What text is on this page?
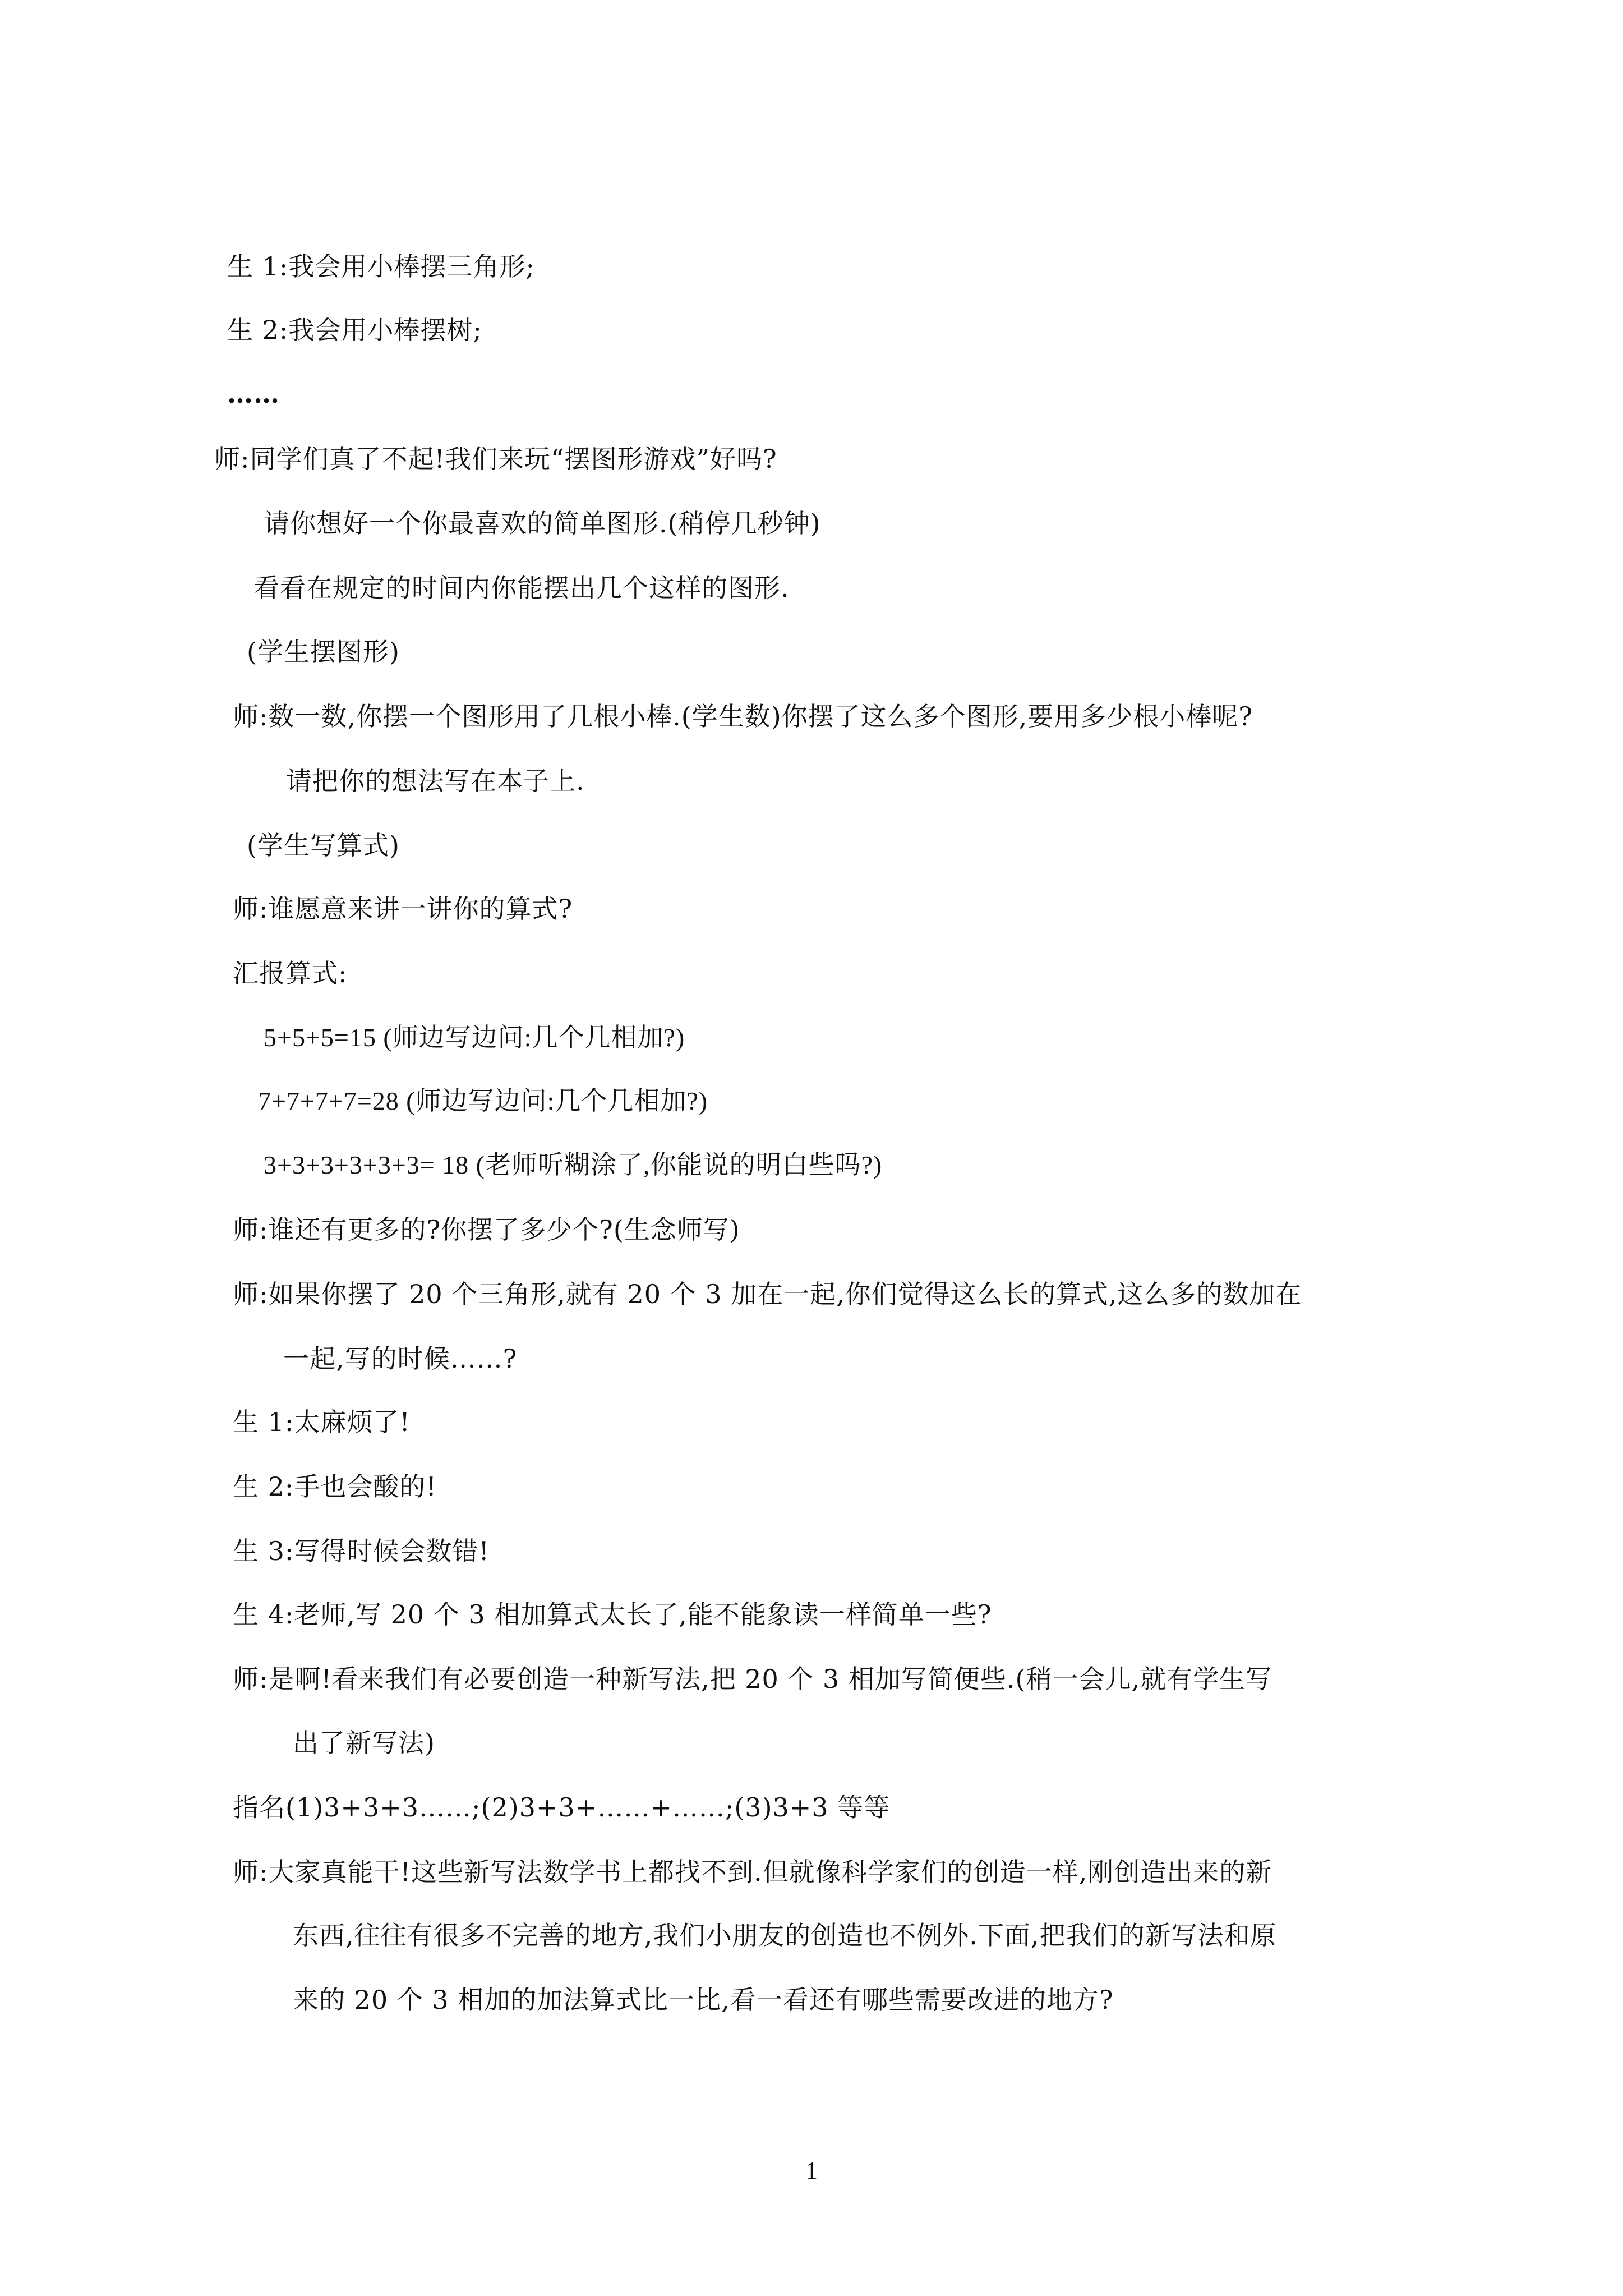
生 1:我会用小棒摆三角形;
生 2:我会用小棒摆树;
……
师:同学们真了不起!我们来玩“摆图形游戏”好吗?
请你想好一个你最喜欢的简单图形.(稍停几秒钟)
看看在规定的时间内你能摆出几个这样的图形.
(学生摆图形)
师:数一数,你摆一个图形用了几根小棒.(学生数)你摆了这么多个图形,要用多少根小棒呢?
请把你的想法写在本子上.
(学生写算式)
师:谁愿意来讲一讲你的算式?
汇报算式:
5+5+5=15 (师边写边问:几个几相加?)
7+7+7+7=28 (师边写边问:几个几相加?)
3+3+3+3+3+3= 18 (老师听糊涂了,你能说的明白些吗?)
师:谁还有更多的?你摆了多少个?(生念师写)
师:如果你摆了 20 个三角形,就有 20 个 3 加在一起,你们觉得这么长的算式,这么多的数加在
一起,写的时候……?
生 1:太麻烦了!
生 2:手也会酸的!
生 3:写得时候会数错!
生 4:老师,写 20 个 3 相加算式太长了,能不能象读一样简单一些?
师:是啊!看来我们有必要创造一种新写法,把 20 个 3 相加写简便些.(稍一会儿,就有学生写
出了新写法)
指名(1)3+3+3……;(2)3+3+……+……;(3)3+3 等等
师:大家真能干!这些新写法数学书上都找不到.但就像科学家们的创造一样,刚创造出来的新
东西,往往有很多不完善的地方,我们小朋友的创造也不例外.下面,把我们的新写法和原
来的 20 个 3 相加的加法算式比一比,看一看还有哪些需要改进的地方?
1
